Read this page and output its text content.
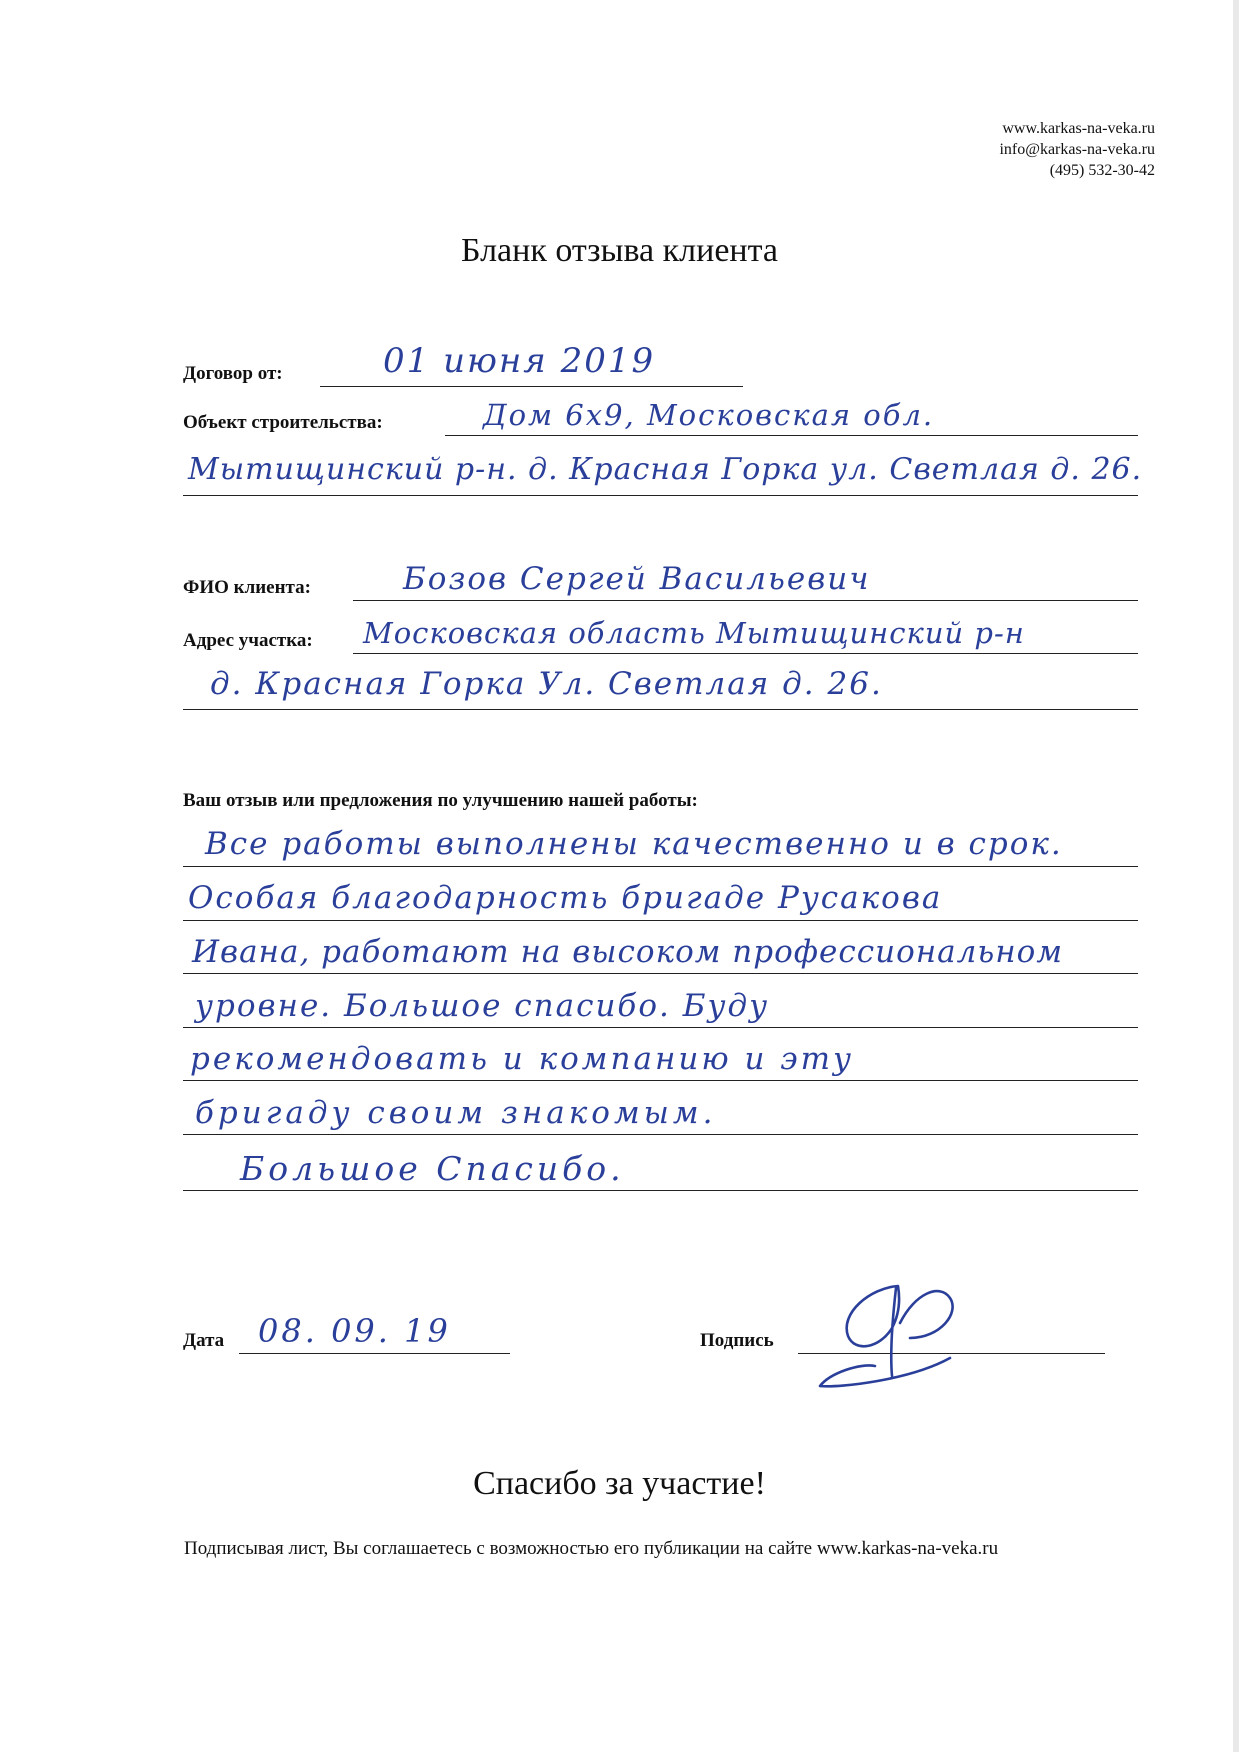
www.karkas-na-veka.ru
info@karkas-na-veka.ru
(495) 532-30-42
Бланк отзыва клиента
Договор от:	01 июня 2019
Объект строительства:	Дом 6х9, Московская обл.
Мытищинский р-н. д. Красная Горка ул. Светлая д. 26.
ФИО клиента:	Бозов Сергей Васильевич
Адрес участка: Московская область Мытищинский р-н
д. Красная Горка Ул. Светлая д. 26.
Ваш отзыв или предложения по улучшению нашей работы:
Все работы выполнены качественно и в срок.
Особая благодарность бригаде Русакова
Ивана, работают на высоком профессиональном
уровне. Большое спасибо. Буду
рекомендовать и компанию и эту
бригаду своим знакомым.
Большое Спасибо.
Дата 08. 09. 19	Подпись
Спасибо за участие!
Подписывая лист, Вы соглашаетесь с возможностью его публикации на сайте www.karkas-na-veka.ru
